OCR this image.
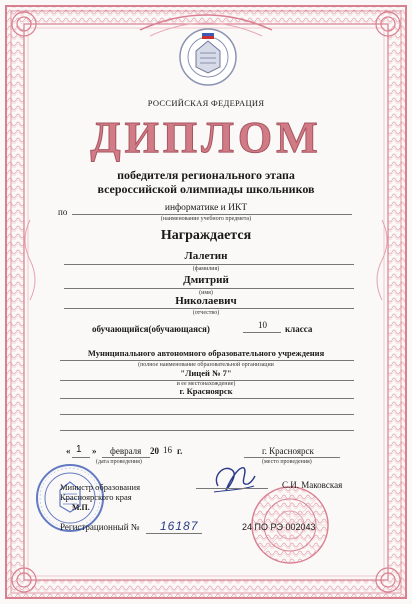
РОССИЙСКАЯ ФЕДЕРАЦИЯ
ДИПЛОМ
победителя регионального этапа
всероссийской олимпиады школьников
по	информатике и ИКТ
(наименование учебного предмета)
Награждается
Лалетин
(фамилия)
Дмитрий
(имя)
Николаевич
(отчество)
обучающийся(обучающаяся)	10 класса
Муниципального автономного образовательного учреждения
(полное наименование образовательной организации
"Лицей № 7"
и ее местонахождение)
г. Красноярск
« 1 » февраля 20 16 г.
(дата проведения)
г. Красноярск
(место проведения)
Министр образования
Красноярского края
М.П.
С.И. Маковская
Регистрационный № 16187	24 ПО РЭ 002043
